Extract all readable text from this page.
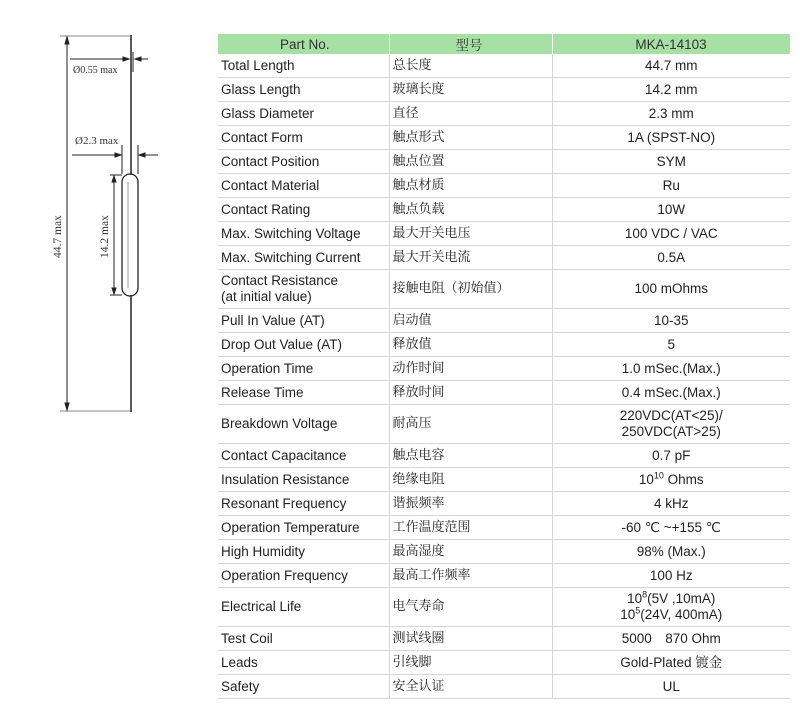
Ø0.55 max
Ø2.3 max
44.7 max	14.2 max
Part No.	型号	MKA-14103
Total Length	总长度	44.7 mm
Glass Length	玻璃长度	14.2 mm
Glass Diameter	直径	2.3 mm
Contact Form	触点形式	1A (SPST-NO)
Contact Position	触点位置	SYM
Contact Material	触点材质	Ru
Contact Rating	触点负载	10W
Max. Switching Voltage	最大开关电压	100 VDC / VAC
Max. Switching Current	最大开关电流	0.5A

Contact Resistance
(at initial value)	接触电阻（初始值）	100 mOhms
Pull In Value (AT)	启动值	10-35
Drop Out Value (AT)	释放值	5
Operation Time	动作时间	1.0 mSec.(Max.)
Release Time	释放时间	0.4 mSec.(Max.)
Breakdown Voltage	耐高压	220VDC(AT<25)/
250VDC(AT>25)

Contact Capacitance	触点电容	0.7 pF
Insulation Resistance	绝缘电阻	$10^{10}$ Ohms
Resonant Frequency	谐振频率	4 kHz
Operation Temperature	工作温度范围	-60 ℃ ~+155 ℃
High Humidity	最高湿度	98% (Max.)
Operation Frequency	最高工作频率	100 Hz
Electrical Life	电气寿命	$10^8(5V$ ,10mA)
$10^5(24V$, 400mA)

Test Coil	测试线圈	5000　870 Ohm
Leads	引线脚	Gold-Plated 镀金
Safety	安全认证	UL
